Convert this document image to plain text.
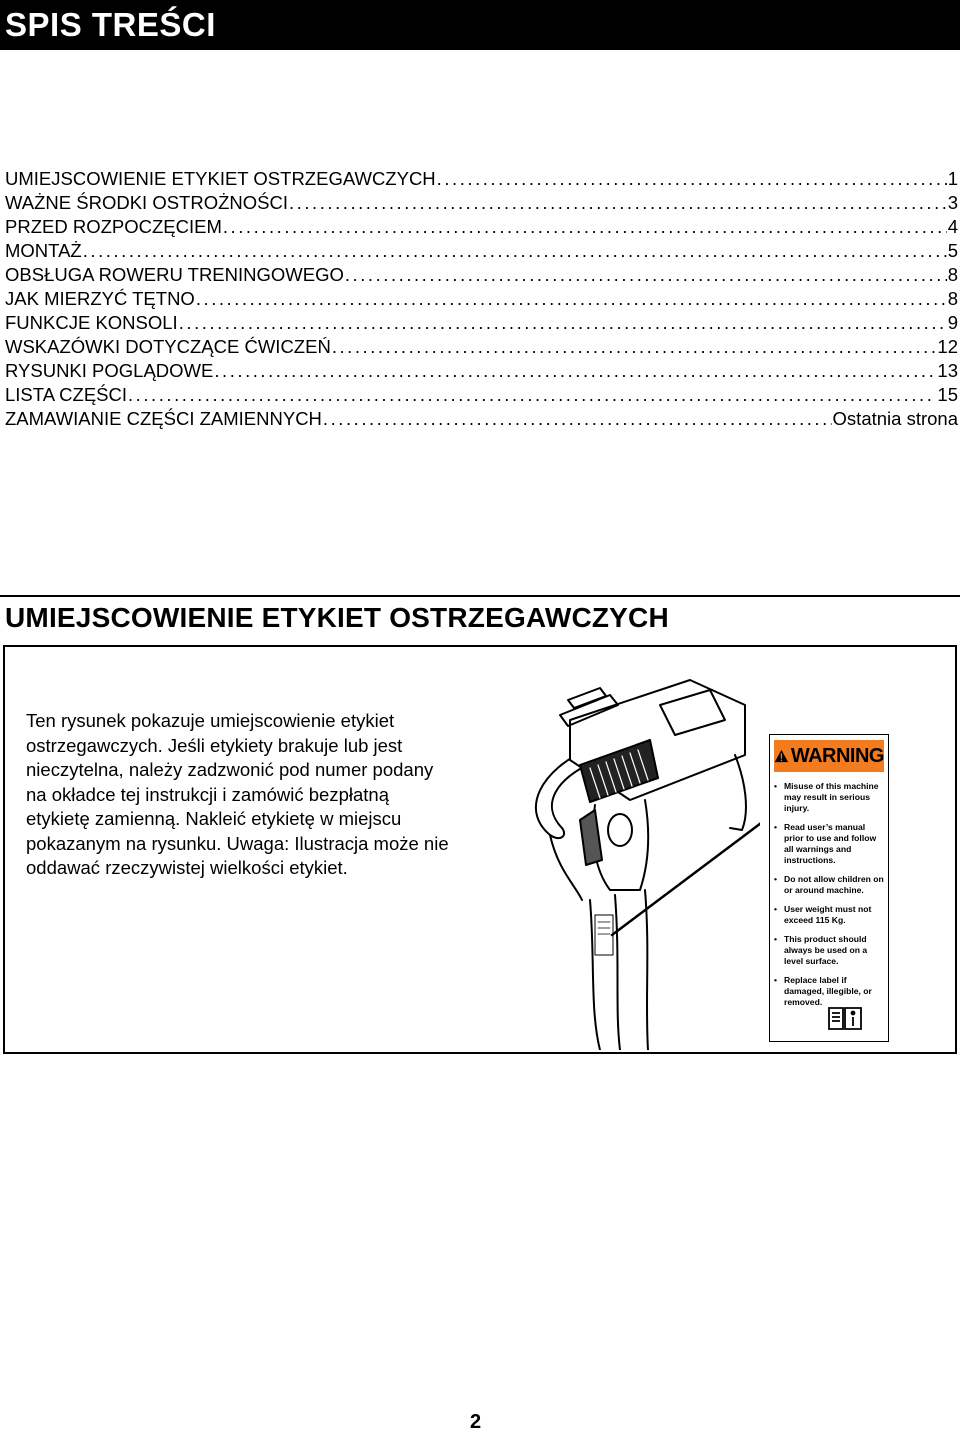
SPIS TREŚCI
UMIEJSCOWIENIE ETYKIET OSTRZEGAWCZYCH . . .	1
WAŻNE ŚRODKI OSTROŻNOŚCI . . .	3
PRZED ROZPOCZĘCIEM . . .	4
MONTAŻ . . .	5
OBSŁUGA ROWERU TRENINGOWEGO . . .	8
JAK MIERZYĆ TĘTNO . . .	8
FUNKCJE KONSOLI . . .	9
WSKAZÓWKI DOTYCZĄCE ĆWICZEŃ . . .	12
RYSUNKI POGLĄDOWE . . .	13
LISTA CZĘŚCI . . .	15
ZAMAWIANIE CZĘŚCI ZAMIENNYCH . . .	Ostatnia strona
UMIEJSCOWIENIE ETYKIET OSTRZEGAWCZYCH

Ten rysunek pokazuje umiejscowienie etykiet ostrzegawczych. Jeśli etykiety brakuje lub jest nieczytelna, należy zadzwonić pod numer podany na okładce tej instrukcji i zamówić bezpłatną etykietę zamienną. Nakleić etykietę w miejscu pokazanym na rysunku. Uwaga: Ilustracja może nie oddawać rzeczywistej wielkości etykiet.

WARNING
• Misuse of this machine may result in serious injury.
• Read user’s manual prior to use and follow all warnings and instructions.
• Do not allow children on or around machine.
• User weight must not exceed 115 Kg.
• This product should always be used on a level surface.
• Replace label if damaged, illegible, or removed.

2
